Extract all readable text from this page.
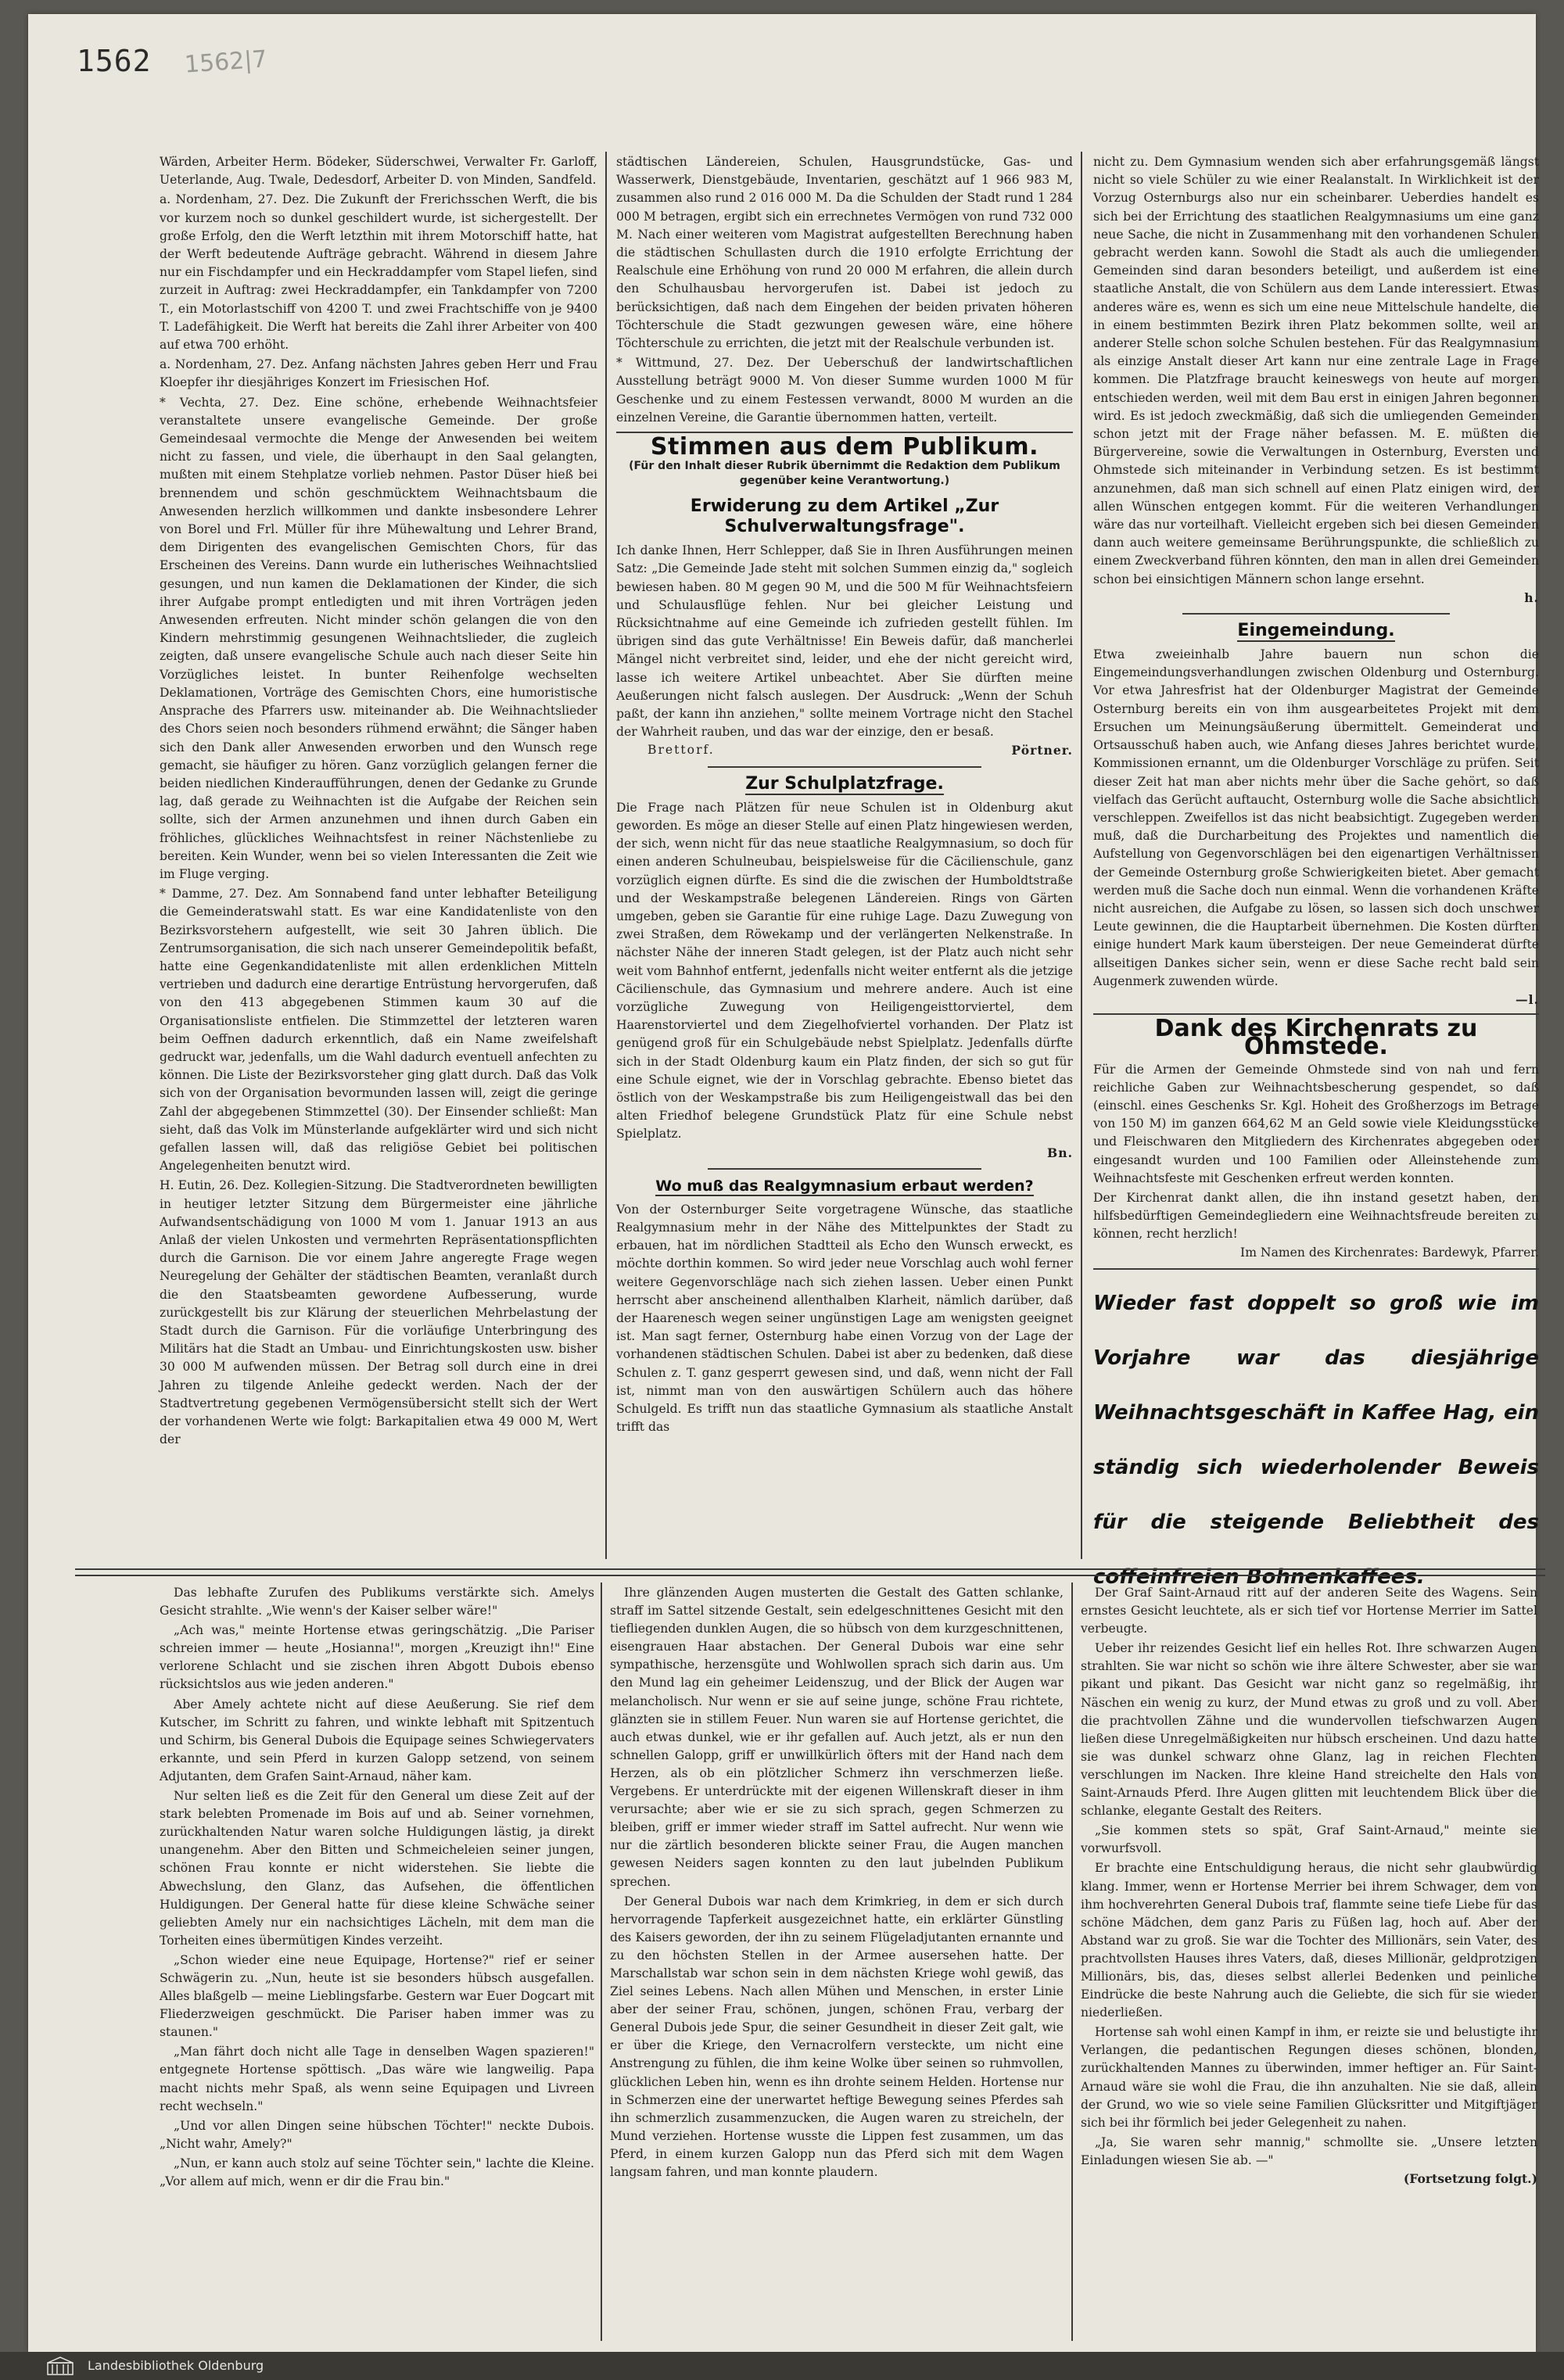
1562 1562|7

Wärden, Arbeiter Herm. Bödeker, Süderschwei, Verwalter Fr. Garloff, Ueterlande, Aug. Twale, Dedesdorf, Arbeiter D. von Minden, Sandfeld.

a. Nordenham, 27. Dez. Die Zukunft der Frerichsschen Werft, die bis vor kurzem noch so dunkel geschildert wurde, ist sichergestellt. Der große Erfolg, den die Werft letzthin mit ihrem Motorschiff hatte, hat der Werft bedeutende Aufträge gebracht. Während in diesem Jahre nur ein Fischdampfer und ein Heckraddampfer vom Stapel liefen, sind zurzeit in Auftrag: zwei Heckraddampfer, ein Tankdampfer von 7200 T., ein Motorlastschiff von 4200 T. und zwei Frachtschiffe von je 9400 T. Ladefähigkeit. Die Werft hat bereits die Zahl ihrer Arbeiter von 400 auf etwa 700 erhöht.

a. Nordenham, 27. Dez. Anfang nächsten Jahres geben Herr und Frau Kloepfer ihr diesjähriges Konzert im Friesischen Hof.

* Vechta, 27. Dez. Eine schöne, erhebende Weihnachtsfeier veranstaltete unsere evangelische Gemeinde. Der große Gemeindesaal vermochte die Menge der Anwesenden bei weitem nicht zu fassen, und viele, die überhaupt in den Saal gelangten, mußten mit einem Stehplatze vorlieb nehmen. Pastor Düser hieß bei brennendem und schön geschmücktem Weihnachtsbaum die Anwesenden herzlich willkommen und dankte insbesondere Lehrer von Borel und Frl. Müller für ihre Mühewaltung und Lehrer Brand, dem Dirigenten des evangelischen Gemischten Chors, für das Erscheinen des Vereins. Dann wurde ein lutherisches Weihnachtslied gesungen, und nun kamen die Deklamationen der Kinder, die sich ihrer Aufgabe prompt entledigten und mit ihren Vorträgen jeden Anwesenden erfreuten. Nicht minder schön gelangen die von den Kindern mehrstimmig gesungenen Weihnachtslieder, die zugleich zeigten, daß unsere evangelische Schule auch nach dieser Seite hin Vorzügliches leistet. In bunter Reihenfolge wechselten Deklamationen, Vorträge des Gemischten Chors, eine humoristische Ansprache des Pfarrers usw. miteinander ab. Die Weihnachtslieder des Chors seien noch besonders rühmend erwähnt; die Sänger haben sich den Dank aller Anwesenden erworben und den Wunsch rege gemacht, sie häufiger zu hören. Ganz vorzüglich gelangen ferner die beiden niedlichen Kinderaufführungen, denen der Gedanke zu Grunde lag, daß gerade zu Weihnachten ist die Aufgabe der Reichen sein sollte, sich der Armen anzunehmen und ihnen durch Gaben ein fröhliches, glückliches Weihnachtsfest in reiner Nächstenliebe zu bereiten. Kein Wunder, wenn bei so vielen Interessanten die Zeit wie im Fluge verging.

* Damme, 27. Dez. Am Sonnabend fand unter lebhafter Beteiligung die Gemeinderatswahl statt. Es war eine Kandidatenliste von den Bezirksvorstehern aufgestellt, wie seit 30 Jahren üblich. Die Zentrumsorganisation, die sich nach unserer Gemeindepolitik befaßt, hatte eine Gegenkandidatenliste mit allen erdenklichen Mitteln vertrieben und dadurch eine derartige Entrüstung hervorgerufen, daß von den 413 abgegebenen Stimmen kaum 30 auf die Organisationsliste entfielen. Die Stimmzettel der letzteren waren beim Oeffnen dadurch erkenntlich, daß ein Name zweifelshaft gedruckt war, jedenfalls, um die Wahl dadurch eventuell anfechten zu können. Die Liste der Bezirksvorsteher ging glatt durch. Daß das Volk sich von der Organisation bevormunden lassen will, zeigt die geringe Zahl der abgegebenen Stimmzettel (30). Der Einsender schließt: Man sieht, daß das Volk im Münsterlande aufgeklärter wird und sich nicht gefallen lassen will, daß das religiöse Gebiet bei politischen Angelegenheiten benutzt wird.

H. Eutin, 26. Dez. Kollegien-Sitzung. Die Stadtverordneten bewilligten in heutiger letzter Sitzung dem Bürgermeister eine jährliche Aufwandsentschädigung von 1000 M vom 1. Januar 1913 an aus Anlaß der vielen Unkosten und vermehrten Repräsentationspflichten durch die Garnison. Die vor einem Jahre angeregte Frage wegen Neuregelung der Gehälter der städtischen Beamten, veranlaßt durch die den Staatsbeamten gewordene Aufbesserung, wurde zurückgestellt bis zur Klärung der steuerlichen Mehrbelastung der Stadt durch die Garnison. Für die vorläufige Unterbringung des Militärs hat die Stadt an Umbau- und Einrichtungskosten usw. bisher 30 000 M aufwenden müssen. Der Betrag soll durch eine in drei Jahren zu tilgende Anleihe gedeckt werden. Nach der der Stadtvertretung gegebenen Vermögensübersicht stellt sich der Wert der vorhandenen Werte wie folgt: Barkapitalien etwa 49 000 M, Wert der

städtischen Ländereien, Schulen, Hausgrundstücke, Gas- und Wasserwerk, Dienstgebäude, Inventarien, geschätzt auf 1 966 983 M, zusammen also rund 2 016 000 M. Da die Schulden der Stadt rund 1 284 000 M betragen, ergibt sich ein errechnetes Vermögen von rund 732 000 M. Nach einer weiteren vom Magistrat aufgestellten Berechnung haben die städtischen Schullasten durch die 1910 erfolgte Errichtung der Realschule eine Erhöhung von rund 20 000 M erfahren, die allein durch den Schulhausbau hervorgerufen ist. Dabei ist jedoch zu berücksichtigen, daß nach dem Eingehen der beiden privaten höheren Töchterschule die Stadt gezwungen gewesen wäre, eine höhere Töchterschule zu errichten, die jetzt mit der Realschule verbunden ist.

* Wittmund, 27. Dez. Der Ueberschuß der landwirtschaftlichen Ausstellung beträgt 9000 M. Von dieser Summe wurden 1000 M für Geschenke und zu einem Festessen verwandt, 8000 M wurden an die einzelnen Vereine, die Garantie übernommen hatten, verteilt.

Stimmen aus dem Publikum.
(Für den Inhalt dieser Rubrik übernimmt die Redaktion dem Publikum gegenüber keine Verantwortung.)
Erwiderung zu dem Artikel „Zur Schulverwaltungsfrage".

Ich danke Ihnen, Herr Schlepper, daß Sie in Ihren Ausführungen meinen Satz: „Die Gemeinde Jade steht mit solchen Summen einzig da," sogleich bewiesen haben. 80 M gegen 90 M, und die 500 M für Weihnachtsfeiern und Schulausflüge fehlen. Nur bei gleicher Leistung und Rücksichtnahme auf eine Gemeinde ich zufrieden gestellt fühlen. Im übrigen sind das gute Verhältnisse! Ein Beweis dafür, daß mancherlei Mängel nicht verbreitet sind, leider, und ehe der nicht gereicht wird, lasse ich weitere Artikel unbeachtet. Aber Sie dürften meine Aeußerungen nicht falsch auslegen. Der Ausdruck: „Wenn der Schuh paßt, der kann ihn anziehen," sollte meinem Vortrage nicht den Stachel der Wahrheit rauben, und das war der einzige, den er besaß.

Brettorf.	Pörtner.
Zur Schulplatzfrage.

Die Frage nach Plätzen für neue Schulen ist in Oldenburg akut geworden. Es möge an dieser Stelle auf einen Platz hingewiesen werden, der sich, wenn nicht für das neue staatliche Realgymnasium, so doch für einen anderen Schulneubau, beispielsweise für die Cäcilienschule, ganz vorzüglich eignen dürfte. Es sind die die zwischen der Humboldtstraße und der Weskampstraße belegenen Ländereien. Rings von Gärten umgeben, geben sie Garantie für eine ruhige Lage. Dazu Zuwegung von zwei Straßen, dem Röwekamp und der verlängerten Nelkenstraße. In nächster Nähe der inneren Stadt gelegen, ist der Platz auch nicht sehr weit vom Bahnhof entfernt, jedenfalls nicht weiter entfernt als die jetzige Cäcilienschule, das Gymnasium und mehrere andere. Auch ist eine vorzügliche Zuwegung von Heiligengeisttorviertel, dem Haarenstorviertel und dem Ziegelhofviertel vorhanden. Der Platz ist genügend groß für ein Schulgebäude nebst Spielplatz. Jedenfalls dürfte sich in der Stadt Oldenburg kaum ein Platz finden, der sich so gut für eine Schule eignet, wie der in Vorschlag gebrachte. Ebenso bietet das östlich von der Weskampstraße bis zum Heiligengeistwall das bei den alten Friedhof belegene Grundstück Platz für eine Schule nebst Spielplatz.

Bn.
Wo muß das Realgymnasium erbaut werden?

Von der Osternburger Seite vorgetragene Wünsche, das staatliche Realgymnasium mehr in der Nähe des Mittelpunktes der Stadt zu erbauen, hat im nördlichen Stadtteil als Echo den Wunsch erweckt, es möchte dorthin kommen. So wird jeder neue Vorschlag auch wohl ferner weitere Gegenvorschläge nach sich ziehen lassen. Ueber einen Punkt herrscht aber anscheinend allenthalben Klarheit, nämlich darüber, daß der Haarenesch wegen seiner ungünstigen Lage am wenigsten geeignet ist. Man sagt ferner, Osternburg habe einen Vorzug von der Lage der vorhandenen städtischen Schulen. Dabei ist aber zu bedenken, daß diese Schulen z. T. ganz gesperrt gewesen sind, und daß, wenn nicht der Fall ist, nimmt man von den auswärtigen Schülern auch das höhere Schulgeld. Es trifft nun das staatliche Gymnasium als staatliche Anstalt trifft das

nicht zu. Dem Gymnasium wenden sich aber erfahrungsgemäß längst nicht so viele Schüler zu wie einer Realanstalt. In Wirklichkeit ist der Vorzug Osternburgs also nur ein scheinbarer. Ueberdies handelt es sich bei der Errichtung des staatlichen Realgymnasiums um eine ganz neue Sache, die nicht in Zusammenhang mit den vorhandenen Schulen gebracht werden kann. Sowohl die Stadt als auch die umliegenden Gemeinden sind daran besonders beteiligt, und außerdem ist eine staatliche Anstalt, die von Schülern aus dem Lande interessiert. Etwas anderes wäre es, wenn es sich um eine neue Mittelschule handelte, die in einem bestimmten Bezirk ihren Platz bekommen sollte, weil an anderer Stelle schon solche Schulen bestehen. Für das Realgymnasium als einzige Anstalt dieser Art kann nur eine zentrale Lage in Frage kommen. Die Platzfrage braucht keineswegs von heute auf morgen entschieden werden, weil mit dem Bau erst in einigen Jahren begonnen wird. Es ist jedoch zweckmäßig, daß sich die umliegenden Gemeinden schon jetzt mit der Frage näher befassen. M. E. müßten die Bürgervereine, sowie die Verwaltungen in Osternburg, Eversten und Ohmstede sich miteinander in Verbindung setzen. Es ist bestimmt anzunehmen, daß man sich schnell auf einen Platz einigen wird, der allen Wünschen entgegen kommt. Für die weiteren Verhandlungen wäre das nur vorteilhaft. Vielleicht ergeben sich bei diesen Gemeinden dann auch weitere gemeinsame Berührungspunkte, die schließlich zu einem Zweckverband führen könnten, den man in allen drei Gemeinden schon bei einsichtigen Männern schon lange ersehnt.

h.
Eingemeindung.

Etwa zweieinhalb Jahre bauern nun schon die Eingemeindungsverhandlungen zwischen Oldenburg und Osternburg. Vor etwa Jahresfrist hat der Oldenburger Magistrat der Gemeinde Osternburg bereits ein von ihm ausgearbeitetes Projekt mit dem Ersuchen um Meinungsäußerung übermittelt. Gemeinderat und Ortsausschuß haben auch, wie Anfang dieses Jahres berichtet wurde, Kommissionen ernannt, um die Oldenburger Vorschläge zu prüfen. Seit dieser Zeit hat man aber nichts mehr über die Sache gehört, so daß vielfach das Gerücht auftaucht, Osternburg wolle die Sache absichtlich verschleppen. Zweifellos ist das nicht beabsichtigt. Zugegeben werden muß, daß die Durcharbeitung des Projektes und namentlich die Aufstellung von Gegenvorschlägen bei den eigenartigen Verhältnissen der Gemeinde Osternburg große Schwierigkeiten bietet. Aber gemacht werden muß die Sache doch nun einmal. Wenn die vorhandenen Kräfte nicht ausreichen, die Aufgabe zu lösen, so lassen sich doch unschwer Leute gewinnen, die die Hauptarbeit übernehmen. Die Kosten dürften einige hundert Mark kaum übersteigen. Der neue Gemeinderat dürfte allseitigen Dankes sicher sein, wenn er diese Sache recht bald sein Augenmerk zuwenden würde.

—l.
Dank des Kirchenrats zu Ohmstede.

Für die Armen der Gemeinde Ohmstede sind von nah und fern reichliche Gaben zur Weihnachtsbescherung gespendet, so daß (einschl. eines Geschenks Sr. Kgl. Hoheit des Großherzogs im Betrage von 150 M) im ganzen 664,62 M an Geld sowie viele Kleidungsstücke und Fleischwaren den Mitgliedern des Kirchenrates abgegeben oder eingesandt wurden und 100 Familien oder Alleinstehende zum Weihnachtsfeste mit Geschenken erfreut werden konnten.

Der Kirchenrat dankt allen, die ihn instand gesetzt haben, den hilfsbedürftigen Gemeindegliedern eine Weihnachtsfreude bereiten zu können, recht herzlich!

Im Namen des Kirchenrates: Bardewyk, Pfarrer.
Wieder fast doppelt so groß wie im Vorjahre war das diesjährige Weihnachtsgeschäft in Kaffee Hag, ein ständig sich wiederholender Beweis für die steigende Beliebtheit des coffeinfreien Bohnenkaffees.

Das lebhafte Zurufen des Publikums verstärkte sich. Amelys Gesicht strahlte. „Wie wenn's der Kaiser selber wäre!"

„Ach was," meinte Hortense etwas geringschätzig. „Die Pariser schreien immer — heute „Hosianna!", morgen „Kreuzigt ihn!" Eine verlorene Schlacht und sie zischen ihren Abgott Dubois ebenso rücksichtslos aus wie jeden anderen."

Aber Amely achtete nicht auf diese Aeußerung. Sie rief dem Kutscher, im Schritt zu fahren, und winkte lebhaft mit Spitzentuch und Schirm, bis General Dubois die Equipage seines Schwiegervaters erkannte, und sein Pferd in kurzen Galopp setzend, von seinem Adjutanten, dem Grafen Saint-Arnaud, näher kam.

Nur selten ließ es die Zeit für den General um diese Zeit auf der stark belebten Promenade im Bois auf und ab. Seiner vornehmen, zurückhaltenden Natur waren solche Huldigungen lästig, ja direkt unangenehm. Aber den Bitten und Schmeicheleien seiner jungen, schönen Frau konnte er nicht widerstehen. Sie liebte die Abwechslung, den Glanz, das Aufsehen, die öffentlichen Huldigungen. Der General hatte für diese kleine Schwäche seiner geliebten Amely nur ein nachsichtiges Lächeln, mit dem man die Torheiten eines übermütigen Kindes verzeiht.

„Schon wieder eine neue Equipage, Hortense?" rief er seiner Schwägerin zu. „Nun, heute ist sie besonders hübsch ausgefallen. Alles blaßgelb — meine Lieblingsfarbe. Gestern war Euer Dogcart mit Fliederzweigen geschmückt. Die Pariser haben immer was zu staunen."

„Man fährt doch nicht alle Tage in denselben Wagen spazieren!" entgegnete Hortense spöttisch. „Das wäre wie langweilig. Papa macht nichts mehr Spaß, als wenn seine Equipagen und Livreen recht wechseln."

„Und vor allen Dingen seine hübschen Töchter!" neckte Dubois. „Nicht wahr, Amely?"

„Nun, er kann auch stolz auf seine Töchter sein," lachte die Kleine. „Vor allem auf mich, wenn er dir die Frau bin."

Ihre glänzenden Augen musterten die Gestalt des Gatten schlanke, straff im Sattel sitzende Gestalt, sein edelgeschnittenes Gesicht mit den tiefliegenden dunklen Augen, die so hübsch von dem kurzgeschnittenen, eisengrauen Haar abstachen. Der General Dubois war eine sehr sympathische, herzensgüte und Wohlwollen sprach sich darin aus. Um den Mund lag ein geheimer Leidenszug, und der Blick der Augen war melancholisch. Nur wenn er sie auf seine junge, schöne Frau richtete, glänzten sie in stillem Feuer. Nun waren sie auf Hortense gerichtet, die auch etwas dunkel, wie er ihr gefallen auf. Auch jetzt, als er nun den schnellen Galopp, griff er unwillkürlich öfters mit der Hand nach dem Herzen, als ob ein plötzlicher Schmerz ihn verschmerzen ließe. Vergebens. Er unterdrückte mit der eigenen Willenskraft dieser in ihm verursachte; aber wie er sie zu sich sprach, gegen Schmerzen zu bleiben, griff er immer wieder straff im Sattel aufrecht. Nur wenn wie nur die zärtlich besonderen blickte seiner Frau, die Augen manchen gewesen Neiders sagen konnten zu den laut jubelnden Publikum sprechen.

Der General Dubois war nach dem Krimkrieg, in dem er sich durch hervorragende Tapferkeit ausgezeichnet hatte, ein erklärter Günstling des Kaisers geworden, der ihn zu seinem Flügeladjutanten ernannte und zu den höchsten Stellen in der Armee ausersehen hatte. Der Marschallstab war schon sein in dem nächsten Kriege wohl gewiß, das Ziel seines Lebens. Nach allen Mühen und Menschen, in erster Linie aber der seiner Frau, schönen, jungen, schönen Frau, verbarg der General Dubois jede Spur, die seiner Gesundheit in dieser Zeit galt, wie er über die Kriege, den Vernacrolfern versteckte, um nicht eine Anstrengung zu fühlen, die ihm keine Wolke über seinen so ruhmvollen, glücklichen Leben hin, wenn es ihn drohte seinem Helden. Hortense nur in Schmerzen eine der unerwartet heftige Bewegung seines Pferdes sah ihn schmerzlich zusammenzucken, die Augen waren zu streicheln, der Mund verziehen. Hortense wusste die Lippen fest zusammen, um das Pferd, in einem kurzen Galopp nun das Pferd sich mit dem Wagen langsam fahren, und man konnte plaudern.

Der Graf Saint-Arnaud ritt auf der anderen Seite des Wagens. Sein ernstes Gesicht leuchtete, als er sich tief vor Hortense Merrier im Sattel verbeugte.

Ueber ihr reizendes Gesicht lief ein helles Rot. Ihre schwarzen Augen strahlten. Sie war nicht so schön wie ihre ältere Schwester, aber sie war pikant und pikant. Das Gesicht war nicht ganz so regelmäßig, ihr Näschen ein wenig zu kurz, der Mund etwas zu groß und zu voll. Aber die prachtvollen Zähne und die wundervollen tiefschwarzen Augen ließen diese Unregelmäßigkeiten nur hübsch erscheinen. Und dazu hatte sie was dunkel schwarz ohne Glanz, lag in reichen Flechten verschlungen im Nacken. Ihre kleine Hand streichelte den Hals von Saint-Arnauds Pferd. Ihre Augen glitten mit leuchtendem Blick über die schlanke, elegante Gestalt des Reiters.

„Sie kommen stets so spät, Graf Saint-Arnaud," meinte sie vorwurfsvoll.

Er brachte eine Entschuldigung heraus, die nicht sehr glaubwürdig klang. Immer, wenn er Hortense Merrier bei ihrem Schwager, dem von ihm hochverehrten General Dubois traf, flammte seine tiefe Liebe für das schöne Mädchen, dem ganz Paris zu Füßen lag, hoch auf. Aber der Abstand war zu groß. Sie war die Tochter des Millionärs, sein Vater, des prachtvollsten Hauses ihres Vaters, daß, dieses Millionär, geldprotzigen Millionärs, bis, das, dieses selbst allerlei Bedenken und peinliche Eindrücke die beste Nahrung auch die Geliebte, die sich für sie wieder niederließen.

Hortense sah wohl einen Kampf in ihm, er reizte sie und belustigte ihr Verlangen, die pedantischen Regungen dieses schönen, blonden, zurückhaltenden Mannes zu überwinden, immer heftiger an. Für Saint-Arnaud wäre sie wohl die Frau, die ihn anzuhalten. Nie sie daß, allein der Grund, wo wie so viele seine Familien Glücksritter und Mitgiftjäger sich bei ihr förmlich bei jeder Gelegenheit zu nahen.

„Ja, Sie waren sehr mannig," schmollte sie. „Unsere letzten Einladungen wiesen Sie ab. —"

(Fortsetzung folgt.)
Landesbibliothek Oldenburg
